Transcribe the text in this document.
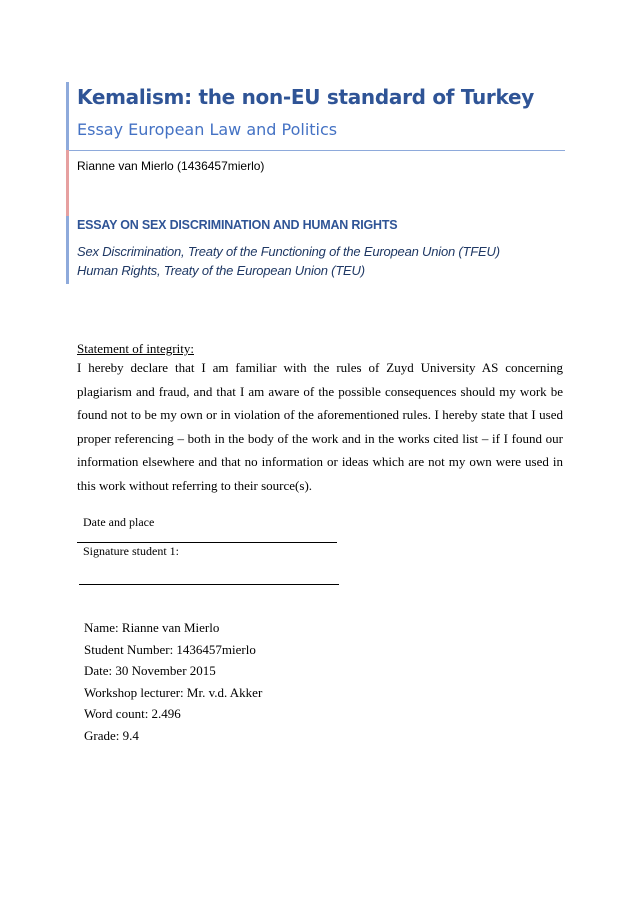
Kemalism: the non-EU standard of Turkey
Essay European Law and Politics
Rianne van Mierlo (1436457mierlo)
ESSAY ON SEX DISCRIMINATION AND HUMAN RIGHTS
Sex Discrimination, Treaty of the Functioning of the European Union (TFEU)
Human Rights, Treaty of the European Union (TEU)
Statement of integrity:
I hereby declare that I am familiar with the rules of Zuyd University AS concerning plagiarism and fraud, and that I am aware of the possible consequences should my work be found not to be my own or in violation of the aforementioned rules. I hereby state that I used proper referencing – both in the body of the work and in the works cited list – if I found our information elsewhere and that no information or ideas which are not my own were used in this work without referring to their source(s).
Date and place
Signature student 1:
Name: Rianne van Mierlo
Student Number: 1436457mierlo
Date: 30 November 2015
Workshop lecturer: Mr. v.d. Akker
Word count: 2.496
Grade: 9.4
